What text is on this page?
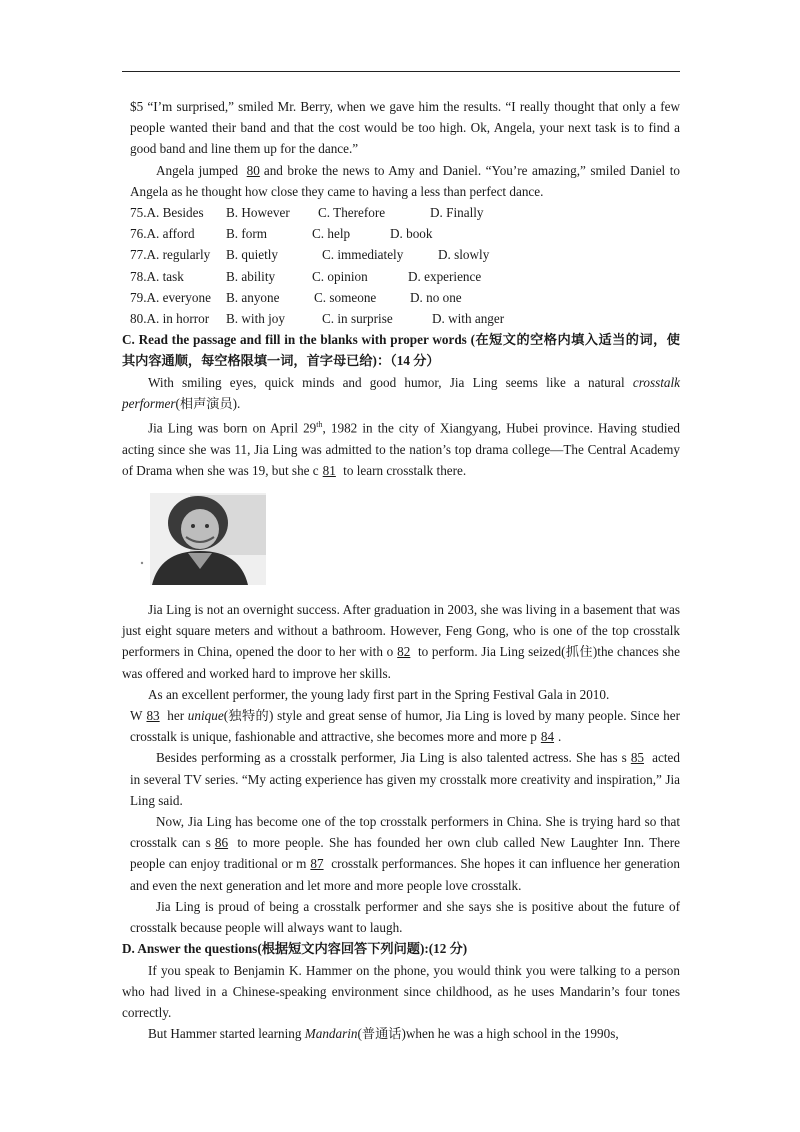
$5 “I’m surprised,” smiled Mr. Berry, when we gave him the results. “I really thought that only a few people wanted their band and that the cost would be too high. Ok, Angela, your next task is to find a good band and line them up for the dance.”

Angela jumped 80 and broke the news to Amy and Daniel. “You’re amazing,” smiled Daniel to Angela as he thought how close they came to having a less than perfect dance.

75.A. Besides	B. However	C. Therefore	D. Finally
76.A. afford	B. form	C. help	D. book
77.A. regularly	B. quietly	C. immediately	D. slowly
78.A. task	B. ability	C. opinion	D. experience
79.A. everyone	B. anyone	C. someone	D. no one
80.A. in horror	B. with joy	C. in surprise	D. with anger

C. Read the passage and fill in the blanks with proper words (在短文的空格内填入适当的词，使其内容通顺，每空格限填一词，首字母已给)：（14 分）

With smiling eyes, quick minds and good humor, Jia Ling seems like a natural crosstalk performer(相声演员).

Jia Ling was born on April 29th, 1982 in the city of Xiangyang, Hubei province. Having studied acting since she was 11, Jia Ling was admitted to the nation’s top drama college—The Central Academy of Drama when she was 19, but she c 81 to learn crosstalk there.

Jia Ling is not an overnight success. After graduation in 2003, she was living in a basement that was just eight square meters and without a bathroom. However, Feng Gong, who is one of the top crosstalk performers in China, opened the door to her with o 82 to perform. Jia Ling seized(抓住)the chances she was offered and worked hard to improve her skills.

As an excellent performer, the young lady first part in the Spring Festival Gala in 2010.

W 83 her unique(独特的) style and great sense of humor, Jia Ling is loved by many people. Since her crosstalk is unique, fashionable and attractive, she becomes more and more p 84 .

Besides performing as a crosstalk performer, Jia Ling is also talented actress. She has s 85 acted in several TV series. “My acting experience has given my crosstalk more creativity and inspiration,” Jia Ling said.

Now, Jia Ling has become one of the top crosstalk performers in China. She is trying hard so that crosstalk can s 86 to more people. She has founded her own club called New Laughter Inn. There people can enjoy traditional or m 87 crosstalk performances. She hopes it can influence her generation and even the next generation and let more and more people love crosstalk.

Jia Ling is proud of being a crosstalk performer and she says she is positive about the future of crosstalk because people will always want to laugh.

D. Answer the questions(根据短文内容回答下列问题):(12 分)

If you speak to Benjamin K. Hammer on the phone, you would think you were talking to a person who had lived in a Chinese-speaking environment since childhood, as he uses Mandarin’s four tones correctly.

But Hammer started learning Mandarin(普通话)when he was a high school in the 1990s,
